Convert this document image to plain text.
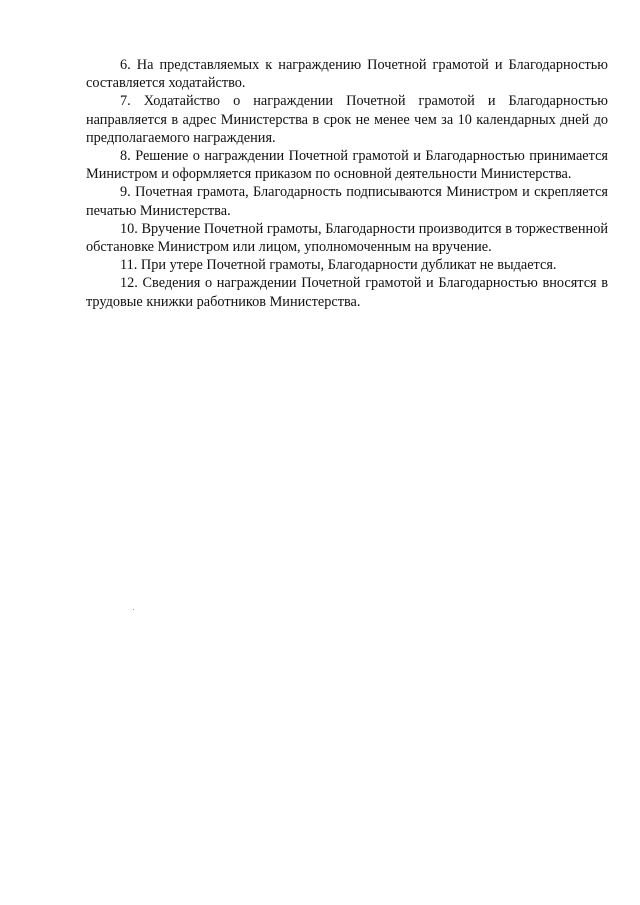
6. На представляемых к награждению Почетной грамотой и Благодарностью составляется ходатайство.

7. Ходатайство о награждении Почетной грамотой и Благодарностью направляется в адрес Министерства в срок не менее чем за 10 календарных дней до предполагаемого награждения.

8. Решение о награждении Почетной грамотой и Благодарностью принимается Министром и оформляется приказом по основной деятельности Министерства.

9. Почетная грамота, Благодарность подписываются Министром и скрепляется печатью Министерства.

10. Вручение Почетной грамоты, Благодарности производится в торжественной обстановке Министром или лицом, уполномоченным на вручение.

11. При утере Почетной грамоты, Благодарности дубликат не выдается.

12. Сведения о награждении Почетной грамотой и Благодарностью вносятся в трудовые книжки работников Министерства.
